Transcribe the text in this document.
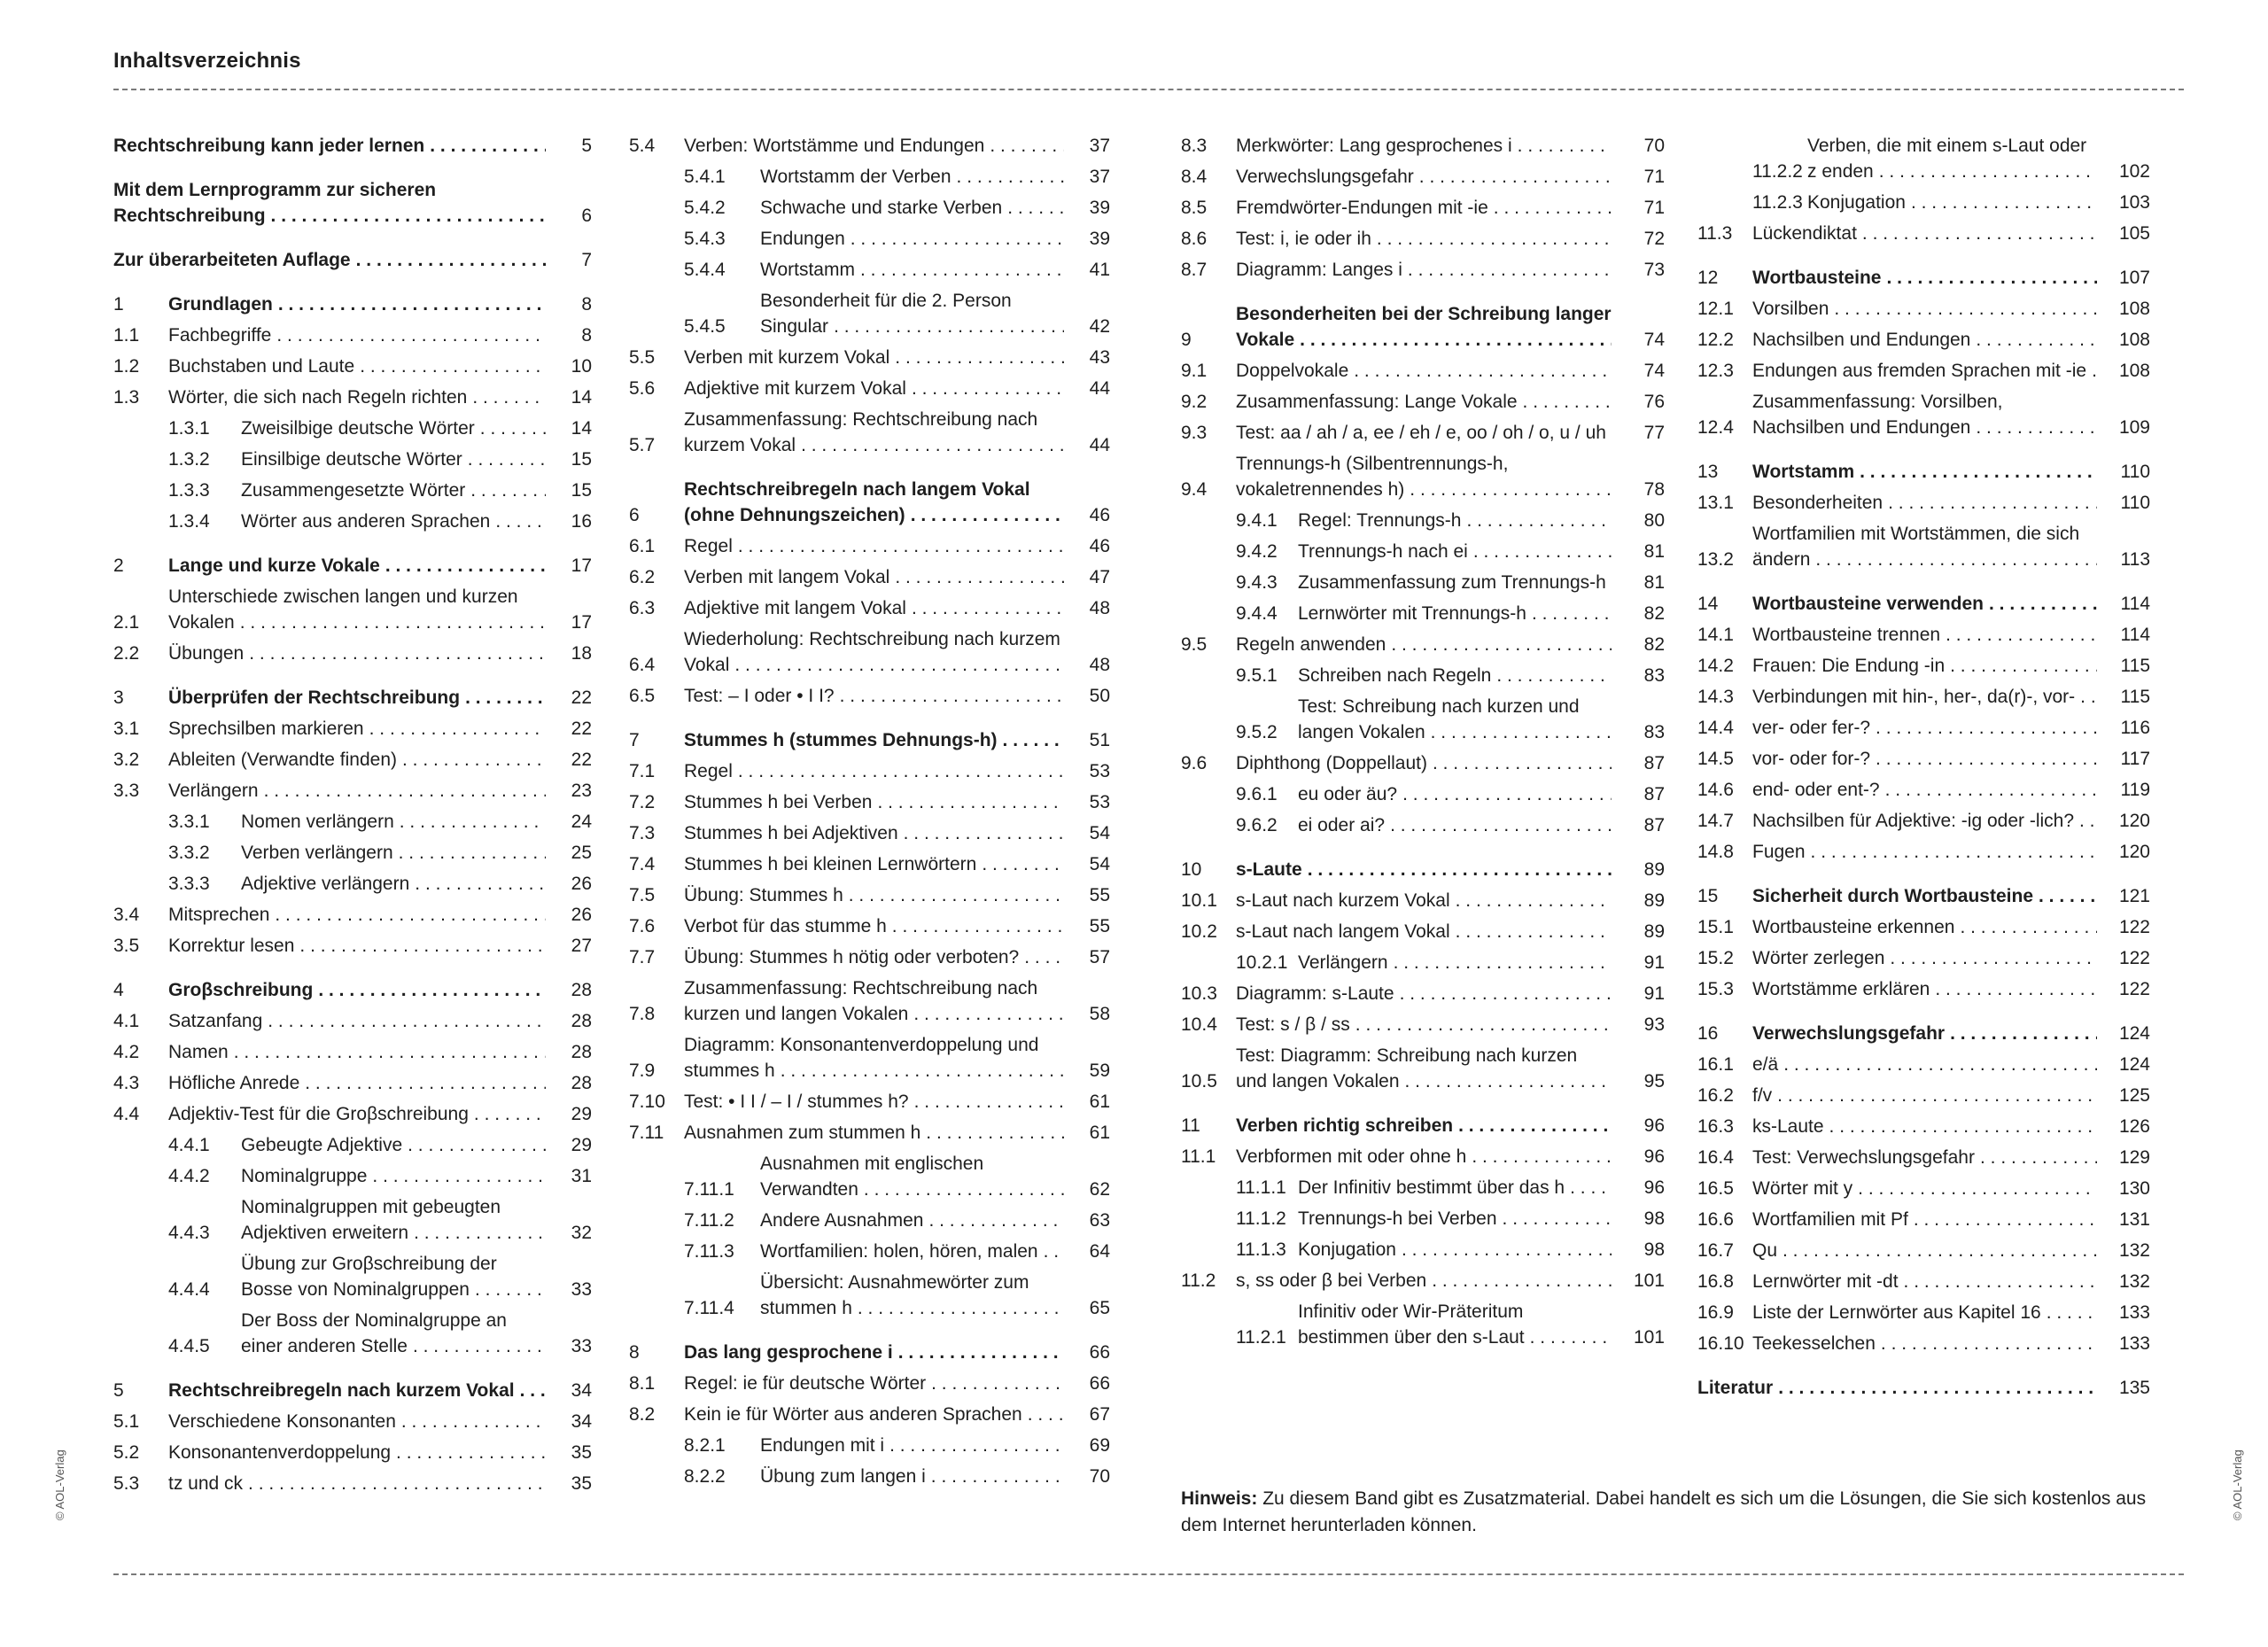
Inhaltsverzeichnis
Rechtschreibung kann jeder lernen . . .	5
Mit dem Lernprogramm zur sicheren Rechtschreibung . . .	6
Zur überarbeiteten Auflage . . .	7
1	Grundlagen . . .	8
1.1	Fachbegriffe . . .	8
1.2	Buchstaben und Laute . . .	10
1.3	Wörter, die sich nach Regeln richten . . .	14
1.3.1	Zweisilbige deutsche Wörter . . .	14
1.3.2	Einsilbige deutsche Wörter . . .	15
1.3.3	Zusammengesetzte Wörter . . .	15
1.3.4	Wörter aus anderen Sprachen . . .	16
2	Lange und kurze Vokale . . .	17
2.1
Unterschiede zwischen langen und kurzen Vokalen . . .	17
2.2	Übungen . . .	18
3	Überprüfen der Rechtschreibung . . .	22
3.1	Sprechsilben markieren . . .	22
3.2	Ableiten (Verwandte finden) . . .	22
3.3	Verlängern . . .	23
3.3.1	Nomen verlängern . . .	24
3.3.2	Verben verlängern . . .	25
3.3.3	Adjektive verlängern . . .	26
3.4	Mitsprechen . . .	26
3.5	Korrektur lesen . . .	27
4	Groβschreibung . . .	28
4.1	Satzanfang . . .	28
4.2	Namen . . .	28
4.3	Höfliche Anrede . . .	28
4.4	Adjektiv-Test für die Groβschreibung . . .	29
4.4.1	Gebeugte Adjektive . . .	29
4.4.2	Nominalgruppe . . .	31
4.4.3
Nominalgruppen mit gebeugten Adjektiven erweitern . . .	32
4.4.4
Übung zur Groβschreibung der Bosse von Nominalgruppen . . .	33
4.4.5
Der Boss der Nominalgruppe an einer anderen Stelle . . .	33
5	Rechtschreibregeln nach kurzem Vokal . . .	34
5.1	Verschiedene Konsonanten . . .	34
5.2	Konsonantenverdoppelung . . .	35
5.3	tz und ck . . .	35
5.4	Verben: Wortstämme und Endungen . . .	37
5.4.1	Wortstamm der Verben . . .	37
5.4.2	Schwache und starke Verben . . .	39
5.4.3	Endungen . . .	39
5.4.4	Wortstamm . . .	41
5.4.5
Besonderheit für die 2. Person Singular . . .	42
5.5	Verben mit kurzem Vokal . . .	43
5.6	Adjektive mit kurzem Vokal . . .	44
5.7
Zusammenfassung: Rechtschreibung nach kurzem Vokal . . .	44
6
Rechtschreibregeln nach langem Vokal (ohne Dehnungszeichen) . . .	46
6.1	Regel . . .	46
6.2	Verben mit langem Vokal . . .	47
6.3	Adjektive mit langem Vokal . . .	48
6.4
Wiederholung: Rechtschreibung nach kurzem Vokal . . .	48
6.5	Test: – I oder • I I? . . .	50
7	Stummes h (stummes Dehnungs-h) . . .	51
7.1	Regel . . .	53
7.2	Stummes h bei Verben . . .	53
7.3	Stummes h bei Adjektiven . . .	54
7.4	Stummes h bei kleinen Lernwörtern . . .	54
7.5	Übung: Stummes h . . .	55
7.6	Verbot für das stumme h . . .	55
7.7	Übung: Stummes h nötig oder verboten? . . .	57
7.8
Zusammenfassung: Rechtschreibung nach kurzen und langen Vokalen . . .	58
7.9
Diagramm: Konsonantenverdoppelung und stummes h . . .	59
7.10	Test: • I I / – I / stummes h? . . .	61
7.11	Ausnahmen zum stummen h . . .	61
7.11.1
Ausnahmen mit englischen Verwandten . . .	62
7.11.2	Andere Ausnahmen . . .	63
7.11.3	Wortfamilien: holen, hören, malen . . .	64
7.11.4
Übersicht: Ausnahmewörter zum stummen h . . .	65
8	Das lang gesprochene i . . .	66
8.1	Regel: ie für deutsche Wörter . . .	66
8.2	Kein ie für Wörter aus anderen Sprachen . . .	67
8.2.1	Endungen mit i . . .	69
8.2.2	Übung zum langen i . . .	70
8.3	Merkwörter: Lang gesprochenes i . . .	70
8.4	Verwechslungsgefahr . . .	71
8.5	Fremdwörter-Endungen mit -ie . . .	71
8.6	Test: i, ie oder ih . . .	72
8.7	Diagramm: Langes i . . .	73
9
Besonderheiten bei der Schreibung langer Vokale . . .	74
9.1	Doppelvokale . . .	74
9.2	Zusammenfassung: Lange Vokale . . .	76
9.3	Test: aa / ah / a, ee / eh / e, oo / oh / o, u / uh . . .	77
9.4
Trennungs-h (Silbentrennungs-h, vokaletrennendes h) . . .	78
9.4.1	Regel: Trennungs-h . . .	80
9.4.2	Trennungs-h nach ei . . .	81
9.4.3	Zusammenfassung zum Trennungs-h . . .	81
9.4.4	Lernwörter mit Trennungs-h . . .	82
9.5	Regeln anwenden . . .	82
9.5.1	Schreiben nach Regeln . . .	83
9.5.2
Test: Schreibung nach kurzen und langen Vokalen . . .	83
9.6	Diphthong (Doppellaut) . . .	87
9.6.1	eu oder äu? . . .	87
9.6.2	ei oder ai? . . .	87
10	s-Laute . . .	89
10.1	s-Laut nach kurzem Vokal . . .	89
10.2	s-Laut nach langem Vokal . . .	89
10.2.1 Verlängern . . .	91
10.3	Diagramm: s-Laute . . .	91
10.4	Test: s / β / ss . . .	93
10.5
Test: Diagramm: Schreibung nach kurzen und langen Vokalen . . .	95
11	Verben richtig schreiben . . .	96
11.1	Verbformen mit oder ohne h . . .	96
11.1.1 Der Infinitiv bestimmt über das h . . .	96
11.1.2 Trennungs-h bei Verben . . .	98
11.1.3 Konjugation . . .	98
11.2	s, ss oder β bei Verben . . .	101
11.2.1
Infinitiv oder Wir-Präteritum bestimmen über den s-Laut . . .	101
11.2.2
Verben, die mit einem s-Laut oder z enden . . .	102
11.2.3 Konjugation . . .	103
11.3	Lückendiktat . . .	105
12	Wortbausteine . . .	107
12.1	Vorsilben . . .	108
12.2	Nachsilben und Endungen . . .	108
12.3	Endungen aus fremden Sprachen mit -ie . . .	108
12.4
Zusammenfassung: Vorsilben, Nachsilben und Endungen . . .	109
13	Wortstamm . . .	110
13.1	Besonderheiten . . .	110
13.2
Wortfamilien mit Wortstämmen, die sich ändern . . .	113
14	Wortbausteine verwenden . . .	114
14.1	Wortbausteine trennen . . .	114
14.2	Frauen: Die Endung -in . . .	115
14.3	Verbindungen mit hin-, her-, da(r)-, vor- . . .	115
14.4	ver- oder fer-? . . .	116
14.5	vor- oder for-? . . .	117
14.6	end- oder ent-? . . .	119
14.7	Nachsilben für Adjektive: -ig oder -lich? . . .	120
14.8	Fugen . . .	120
15	Sicherheit durch Wortbausteine . . .	121
15.1	Wortbausteine erkennen . . .	122
15.2	Wörter zerlegen . . .	122
15.3	Wortstämme erklären . . .	122
16	Verwechslungsgefahr . . .	124
16.1	e/ä . . .	124
16.2	f/v . . .	125
16.3	ks-Laute . . .	126
16.4	Test: Verwechslungsgefahr . . .	129
16.5	Wörter mit y . . .	130
16.6	Wortfamilien mit Pf . . .	131
16.7	Qu . . .	132
16.8	Lernwörter mit -dt . . .	132
16.9	Liste der Lernwörter aus Kapitel 16 . . .	133
16.10 Teekesselchen . . .	133
Literatur . . .	135
Hinweis: Zu diesem Band gibt es Zusatzmaterial. Dabei handelt es sich um die Lösungen, die Sie sich kostenlos aus dem Internet herunterladen können.
© AOL-Verlag	© AOL-Verlag
